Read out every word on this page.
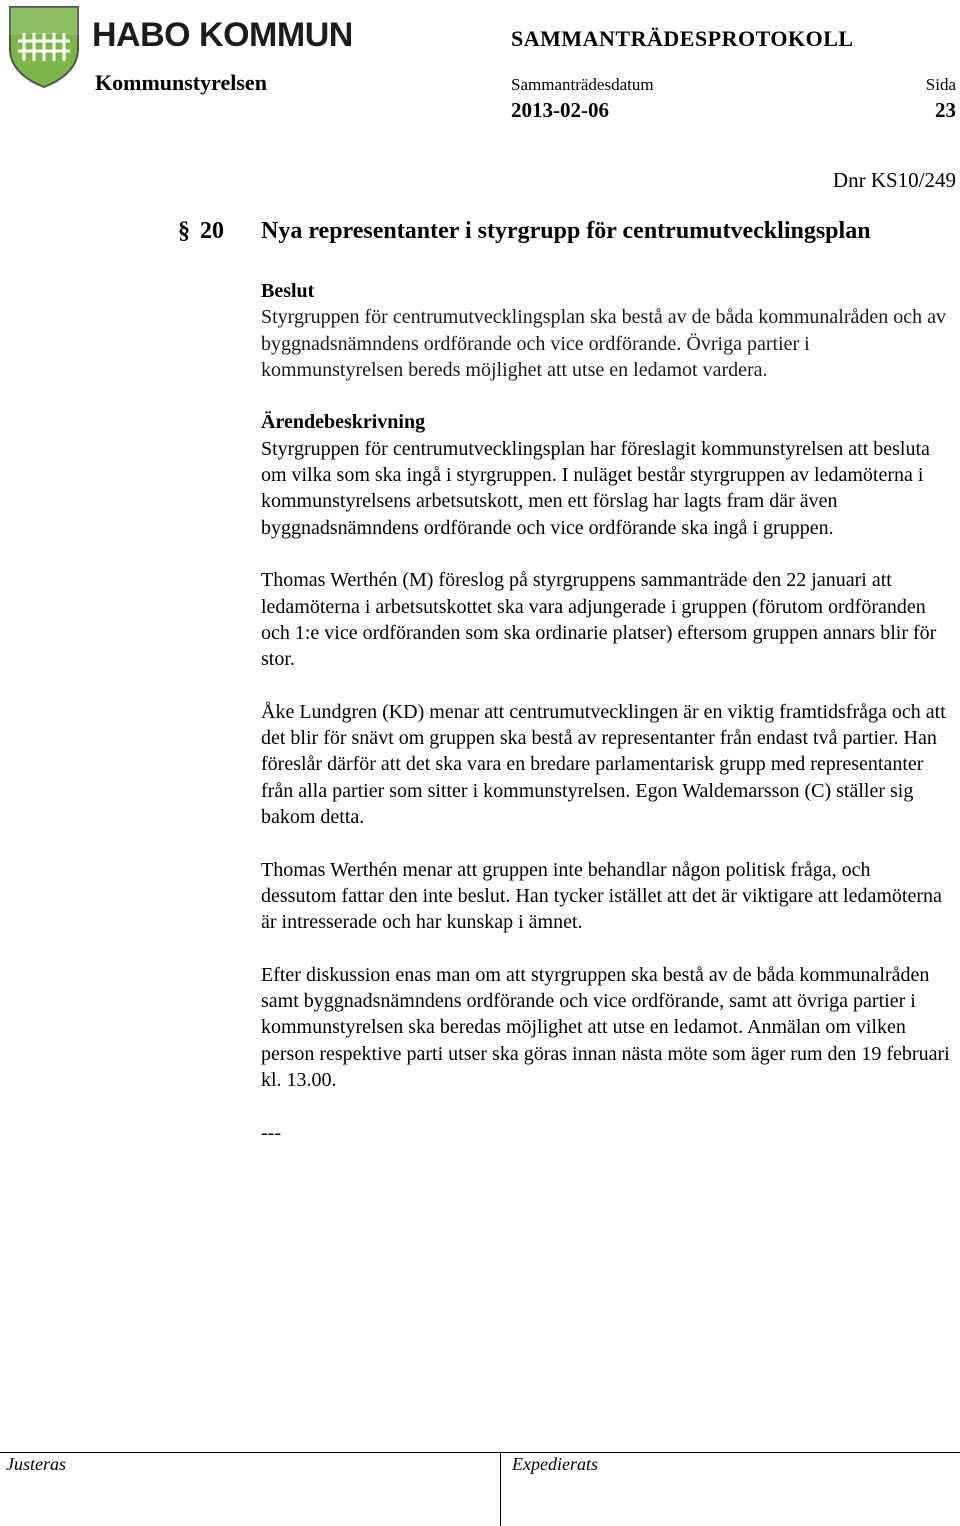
HABO KOMMUN
Kommunstyrelsen
SAMMANTRÄDESPROTOKOLL
Sammanträdesdatum
2013-02-06
Sida
23
Dnr KS10/249
§ 20 Nya representanter i styrgrupp för centrumutvecklingsplan
Beslut

Styrgruppen för centrumutvecklingsplan ska bestå av de båda kommunalråden och av byggnadsnämndens ordförande och vice ordförande. Övriga partier i kommunstyrelsen bereds möjlighet att utse en ledamot vardera.

Ärendebeskrivning

Styrgruppen för centrumutvecklingsplan har föreslagit kommunstyrelsen att besluta om vilka som ska ingå i styrgruppen. I nuläget består styrgruppen av ledamöterna i kommunstyrelsens arbetsutskott, men ett förslag har lagts fram där även byggnadsnämndens ordförande och vice ordförande ska ingå i gruppen.

Thomas Werthén (M) föreslog på styrgruppens sammanträde den 22 januari att ledamöterna i arbetsutskottet ska vara adjungerade i gruppen (förutom ordföranden och 1:e vice ordföranden som ska ordinarie platser) eftersom gruppen annars blir för stor.

Åke Lundgren (KD) menar att centrumutvecklingen är en viktig framtidsfråga och att det blir för snävt om gruppen ska bestå av representanter från endast två partier. Han föreslår därför att det ska vara en bredare parlamentarisk grupp med representanter från alla partier som sitter i kommunstyrelsen. Egon Waldemarsson (C) ställer sig bakom detta.

Thomas Werthén menar att gruppen inte behandlar någon politisk fråga, och dessutom fattar den inte beslut. Han tycker istället att det är viktigare att ledamöterna är intresserade och har kunskap i ämnet.

Efter diskussion enas man om att styrgruppen ska bestå av de båda kommunalråden samt byggnadsnämndens ordförande och vice ordförande, samt att övriga partier i kommunstyrelsen ska beredas möjlighet att utse en ledamot. Anmälan om vilken person respektive parti utser ska göras innan nästa möte som äger rum den 19 februari kl. 13.00.

---

Justeras	Expedierats
